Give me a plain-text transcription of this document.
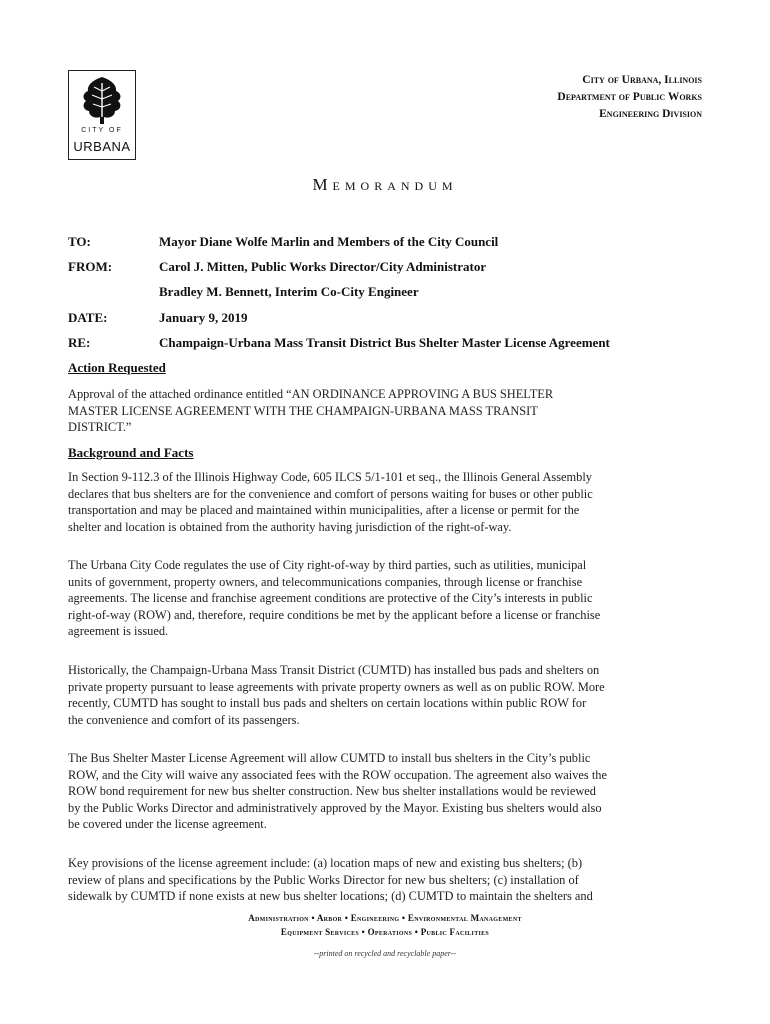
CITY OF
URBANA
City of Urbana, Illinois
Department of Public Works
Engineering Division
Memorandum
TO:	Mayor Diane Wolfe Marlin and Members of the City Council
FROM:	Carol J. Mitten, Public Works Director/City Administrator
Bradley M. Bennett, Interim Co-City Engineer
DATE:	January 9, 2019
RE:	Champaign-Urbana Mass Transit District Bus Shelter Master License Agreement
Action Requested
Approval of the attached ordinance entitled “AN ORDINANCE APPROVING A BUS SHELTER
MASTER LICENSE AGREEMENT WITH THE CHAMPAIGN-URBANA MASS TRANSIT
DISTRICT.”
Background and Facts
In Section 9-112.3 of the Illinois Highway Code, 605 ILCS 5/1-101 et seq., the Illinois General Assembly
declares that bus shelters are for the convenience and comfort of persons waiting for buses or other public
transportation and may be placed and maintained within municipalities, after a license or permit for the
shelter and location is obtained from the authority having jurisdiction of the right-of-way.
The Urbana City Code regulates the use of City right-of-way by third parties, such as utilities, municipal
units of government, property owners, and telecommunications companies, through license or franchise
agreements. The license and franchise agreement conditions are protective of the City’s interests in public
right-of-way (ROW) and, therefore, require conditions be met by the applicant before a license or franchise
agreement is issued.
Historically, the Champaign-Urbana Mass Transit District (CUMTD) has installed bus pads and shelters on
private property pursuant to lease agreements with private property owners as well as on public ROW. More
recently, CUMTD has sought to install bus pads and shelters on certain locations within public ROW for
the convenience and comfort of its passengers.
The Bus Shelter Master License Agreement will allow CUMTD to install bus shelters in the City’s public
ROW, and the City will waive any associated fees with the ROW occupation. The agreement also waives the
ROW bond requirement for new bus shelter construction. New bus shelter installations would be reviewed
by the Public Works Director and administratively approved by the Mayor. Existing bus shelters would also
be covered under the license agreement.
Key provisions of the license agreement include: (a) location maps of new and existing bus shelters; (b)
review of plans and specifications by the Public Works Director for new bus shelters; (c) installation of
sidewalk by CUMTD if none exists at new bus shelter locations; (d) CUMTD to maintain the shelters and
Administration • Arbor • Engineering • Environmental Management
Equipment Services • Operations • Public Facilities
--printed on recycled and recyclable paper--
